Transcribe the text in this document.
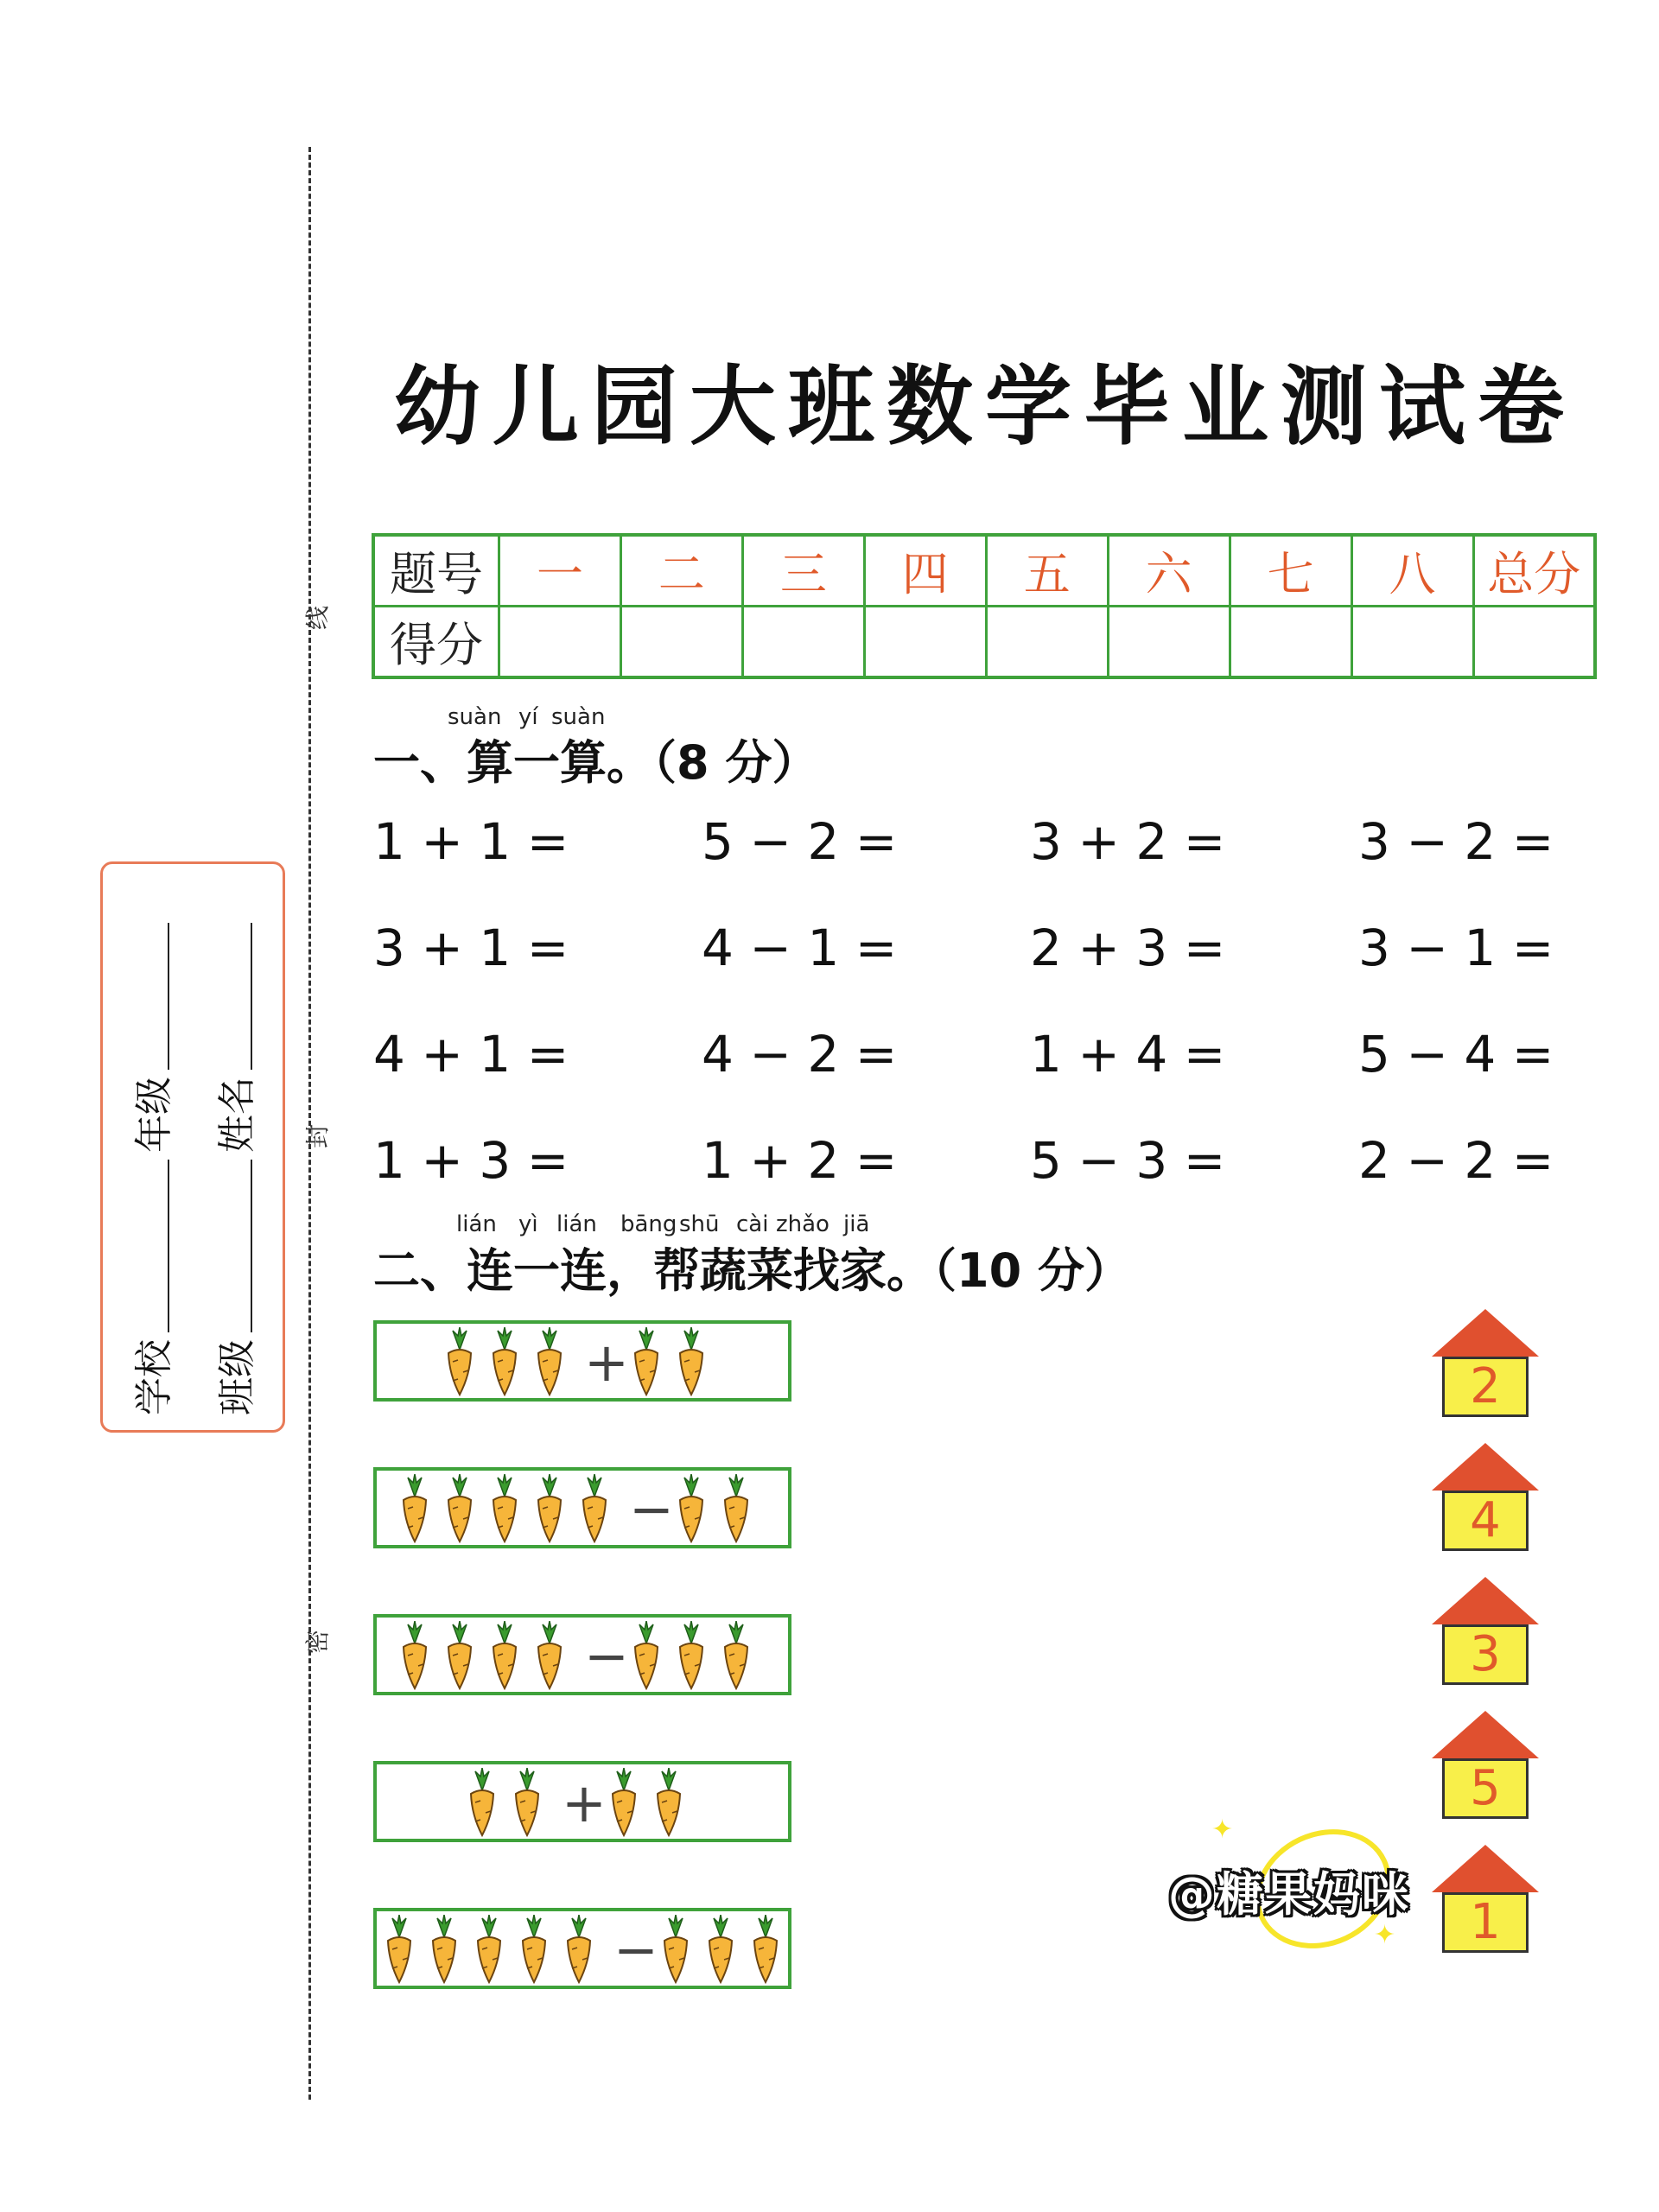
线
封
密
学校
年级
班级
姓名
幼儿园大班数学毕业测试卷
题号	一	二	三	四	五	六	七	八	总分
得分									
suàn yí suàn
一、算一算。（8 分）
1 + 1 =	5 − 2 =	3 + 2 =	3 − 2 =
3 + 1 =	4 − 1 =	2 + 3 =	3 − 1 =
4 + 1 =	4 − 2 =	1 + 4 =	5 − 4 =
1 + 3 =	1 + 2 =	5 − 3 =	2 − 2 =
lián yì lián bāng shū cài zhǎo jiā
二、连一连，帮蔬菜找家。（10 分）
+
−
−
+
−
2
4
3
5
1
✦
✦
@糖果妈咪
